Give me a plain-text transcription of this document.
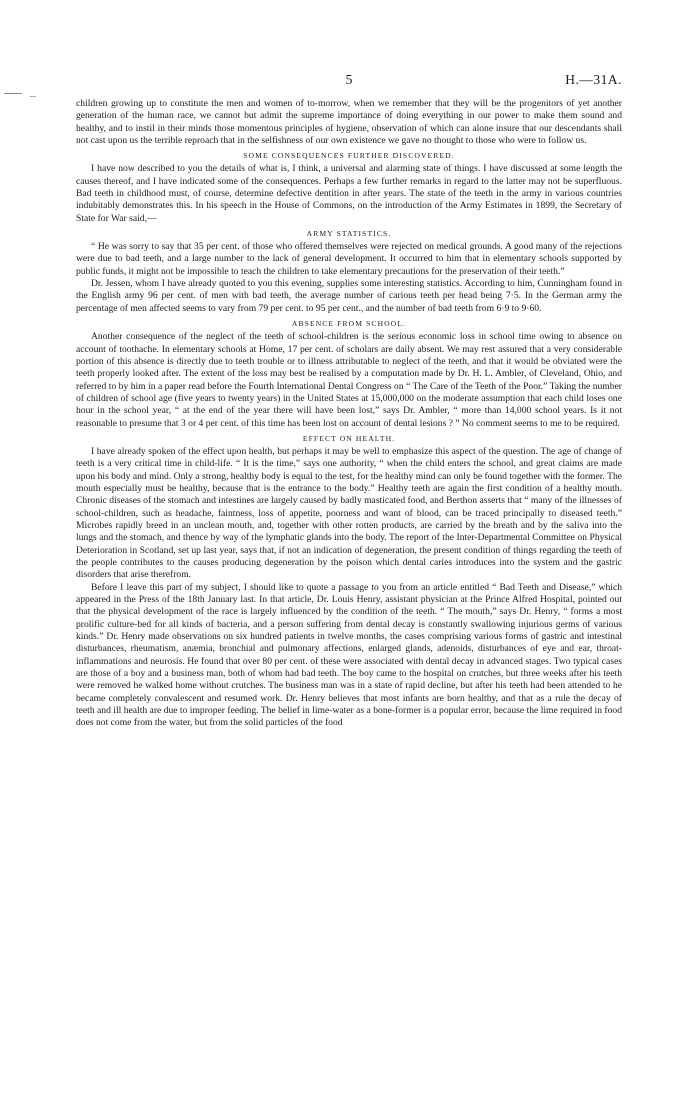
5	H.—31A.

children growing up to constitute the men and women of to-morrow, when we remember that they will be the progenitors of yet another generation of the human race, we cannot but admit the supreme importance of doing everything in our power to make them sound and healthy, and to instil in their minds those momentous principles of hygiene, observation of which can alone insure that our descendants shall not cast upon us the terrible reproach that in the selfishness of our own existence we gave no thought to those who were to follow us.

SOME CONSEQUENCES FURTHER DISCOVERED.

I have now described to you the details of what is, I think, a universal and alarming state of things. I have discussed at some length the causes thereof, and I have indicated some of the consequences. Perhaps a few further remarks in regard to the latter may not be superfluous. Bad teeth in childhood must, of course, determine defective dentition in after years. The state of the teeth in the army in various countries indubitably demonstrates this. In his speech in the House of Commons, on the introduction of the Army Estimates in 1899, the Secretary of State for War said,—

ARMY STATISTICS.

“ He was sorry to say that 35 per cent. of those who offered themselves were rejected on medical grounds. A good many of the rejections were due to bad teeth, and a large number to the lack of general development. It occurred to him that in elementary schools supported by public funds, it might not be impossible to teach the children to take elementary precautions for the preservation of their teeth.”

Dr. Jessen, whom I have already quoted to you this evening, supplies some interesting statistics. According to him, Cunningham found in the English army 96 per cent. of men with bad teeth, the average number of carious teeth per head being 7·5. In the German army the percentage of men affected seems to vary from 79 per cent. to 95 per cent., and the number of bad teeth from 6·9 to 9·60.

ABSENCE FROM SCHOOL.

Another consequence of the neglect of the teeth of school-children is the serious economic loss in school time owing to absence on account of toothache. In elementary schools at Home, 17 per cent. of scholars are daily absent. We may rest assured that a very considerable portion of this absence is directly due to teeth trouble or to illness attributable to neglect of the teeth, and that it would be obviated were the teeth properly looked after. The extent of the loss may best be realised by a computation made by Dr. H. L. Ambler, of Cleveland, Ohio, and referred to by him in a paper read before the Fourth International Dental Congress on “ The Care of the Teeth of the Poor.” Taking the number of children of school age (five years to twenty years) in the United States at 15,000,000 on the moderate assumption that each child loses one hour in the school year, “ at the end of the year there will have been lost,” says Dr. Ambler, “ more than 14,000 school years. Is it not reasonable to presume that 3 or 4 per cent. of this time has been lost on account of dental lesions ? ” No comment seems to me to be required.

EFFECT ON HEALTH.

I have already spoken of the effect upon health, but perhaps it may be well to emphasize this aspect of the question. The age of change of teeth is a very critical time in child-life. “ It is the time,” says one authority, “ when the child enters the school, and great claims are made upon his body and mind. Only a strong, healthy body is equal to the test, for the healthy mind can only be found together with the former. The mouth especially must be healthy, because that is the entrance to the body.” Healthy teeth are again the first condition of a healthy mouth. Chronic diseases of the stomach and intestines are largely caused by badly masticated food, and Berthon asserts that “ many of the illnesses of school-children, such as headache, faintness, loss of appetite, poorness and want of blood, can be traced principally to diseased teeth.” Microbes rapidly breed in an unclean mouth, and, together with other rotten products, are carried by the breath and by the saliva into the lungs and the stomach, and thence by way of the lymphatic glands into the body. The report of the Inter-Departmental Committee on Physical Deterioration in Scotland, set up last year, says that, if not an indication of degeneration, the present condition of things regarding the teeth of the people contributes to the causes producing degeneration by the poison which dental caries introduces into the system and the gastric disorders that arise therefrom.

Before I leave this part of my subject, I should like to quote a passage to you from an article entitled “ Bad Teeth and Disease,” which appeared in the Press of the 18th January last. In that article, Dr. Louis Henry, assistant physician at the Prince Alfred Hospital, pointed out that the physical development of the race is largely influenced by the condition of the teeth. “ The mouth,” says Dr. Henry, “ forms a most prolific culture-bed for all kinds of bacteria, and a person suffering from dental decay is constantly swallowing injurious germs of various kinds.” Dr. Henry made observations on six hundred patients in twelve months, the cases comprising various forms of gastric and intestinal disturbances, rheumatism, anæmia, bronchial and pulmonary affections, enlarged glands, adenoids, disturbances of eye and ear, throat-inflammations and neurosis. He found that over 80 per cent. of these were associated with dental decay in advanced stages. Two typical cases are those of a boy and a business man, both of whom had bad teeth. The boy came to the hospital on crutches, but three weeks after his teeth were removed he walked home without crutches. The business man was in a state of rapid decline, but after his teeth had been attended to he became completely convalescent and resumed work. Dr. Henry believes that most infants are born healthy, and that as a rule the decay of teeth and ill health are due to improper feeding. The belief in lime-water as a bone-former is a popular error, because the lime required in food does not come from the water, but from the solid particles of the food
